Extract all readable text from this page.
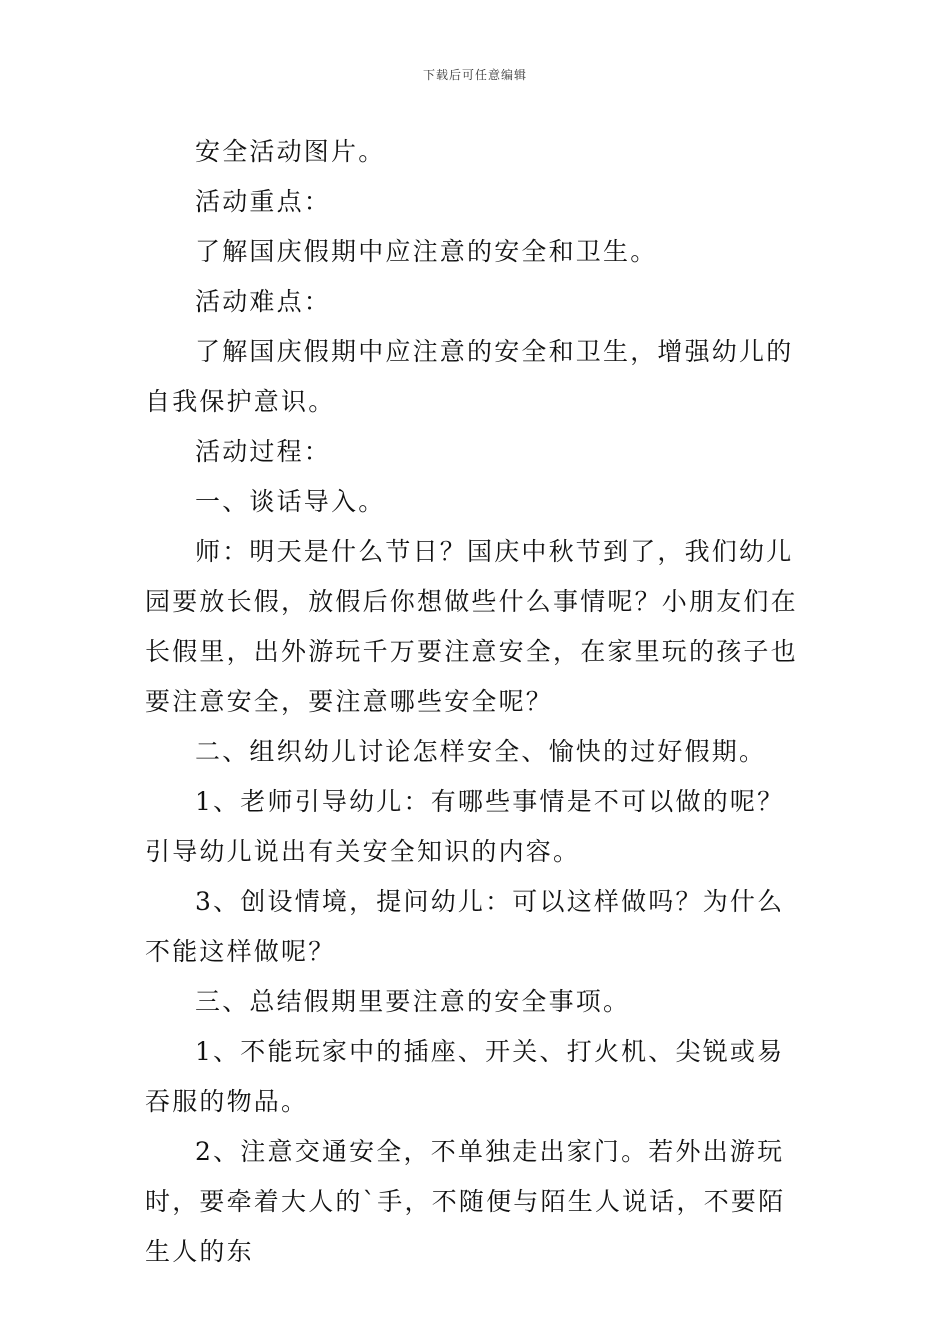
下载后可任意编辑

安全活动图片。

活动重点：

了解国庆假期中应注意的安全和卫生。

活动难点：

了解国庆假期中应注意的安全和卫生，增强幼儿的自我保护意识。

活动过程：

一、谈话导入。

师：明天是什么节日？国庆中秋节到了，我们幼儿园要放长假，放假后你想做些什么事情呢？小朋友们在长假里，出外游玩千万要注意安全，在家里玩的孩子也要注意安全，要注意哪些安全呢？

二、组织幼儿讨论怎样安全、愉快的过好假期。

1、老师引导幼儿：有哪些事情是不可以做的呢？引导幼儿说出有关安全知识的内容。

3、创设情境，提问幼儿：可以这样做吗？为什么不能这样做呢？

三、总结假期里要注意的安全事项。

1、不能玩家中的插座、开关、打火机、尖锐或易吞服的物品。

2、注意交通安全，不单独走出家门。若外出游玩时，要牵着大人的`手，不随便与陌生人说话，不要陌生人的东
